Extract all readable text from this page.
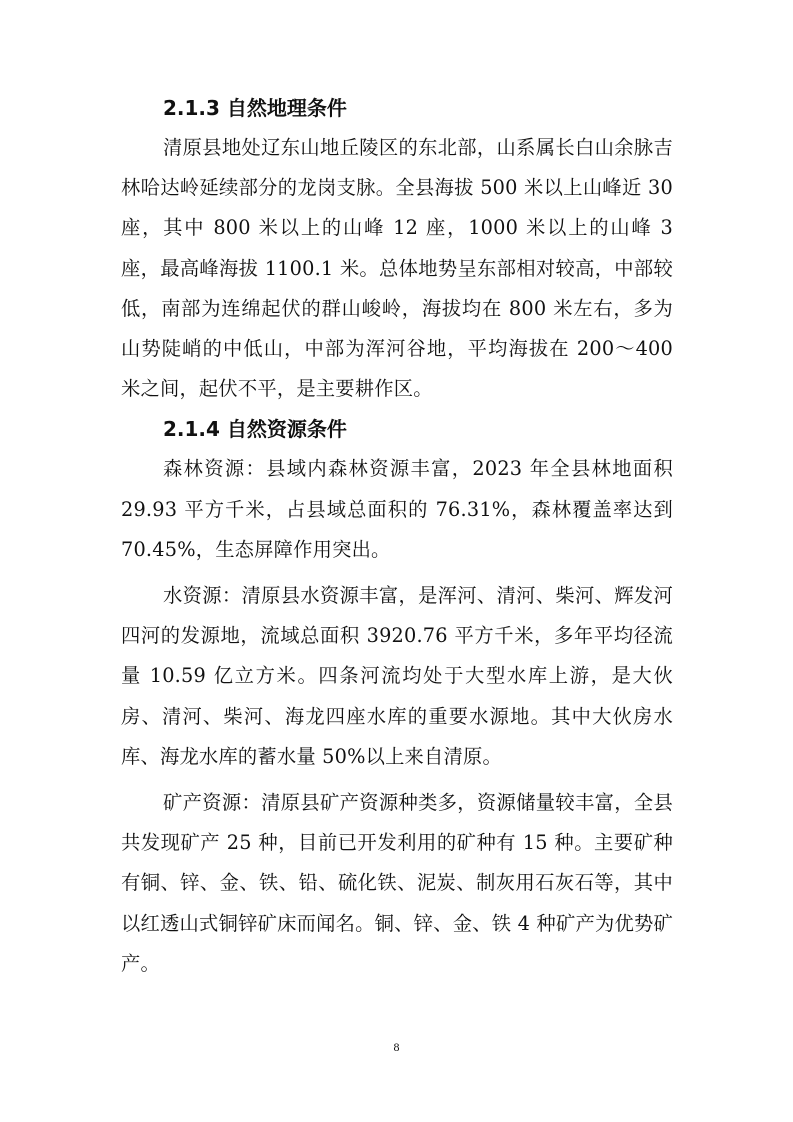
2.1.3 自然地理条件

清原县地处辽东山地丘陵区的东北部，山系属长白山余脉吉林哈达岭延续部分的龙岗支脉。全县海拔 500 米以上山峰近 30 座，其中 800 米以上的山峰 12 座，1000 米以上的山峰 3 座，最高峰海拔 1100.1 米。总体地势呈东部相对较高，中部较低，南部为连绵起伏的群山峻岭，海拔均在 800 米左右，多为山势陡峭的中低山，中部为浑河谷地，平均海拔在 200～400 米之间，起伏不平，是主要耕作区。

2.1.4 自然资源条件

森林资源：县域内森林资源丰富，2023 年全县林地面积 29.93 平方千米，占县域总面积的 76.31%，森林覆盖率达到 70.45%，生态屏障作用突出。

水资源：清原县水资源丰富，是浑河、清河、柴河、辉发河四河的发源地，流域总面积 3920.76 平方千米，多年平均径流量 10.59 亿立方米。四条河流均处于大型水库上游，是大伙房、清河、柴河、海龙四座水库的重要水源地。其中大伙房水库、海龙水库的蓄水量 50%以上来自清原。

矿产资源：清原县矿产资源种类多，资源储量较丰富，全县共发现矿产 25 种，目前已开发利用的矿种有 15 种。主要矿种有铜、锌、金、铁、铅、硫化铁、泥炭、制灰用石灰石等，其中以红透山式铜锌矿床而闻名。铜、锌、金、铁 4 种矿产为优势矿产。

8
